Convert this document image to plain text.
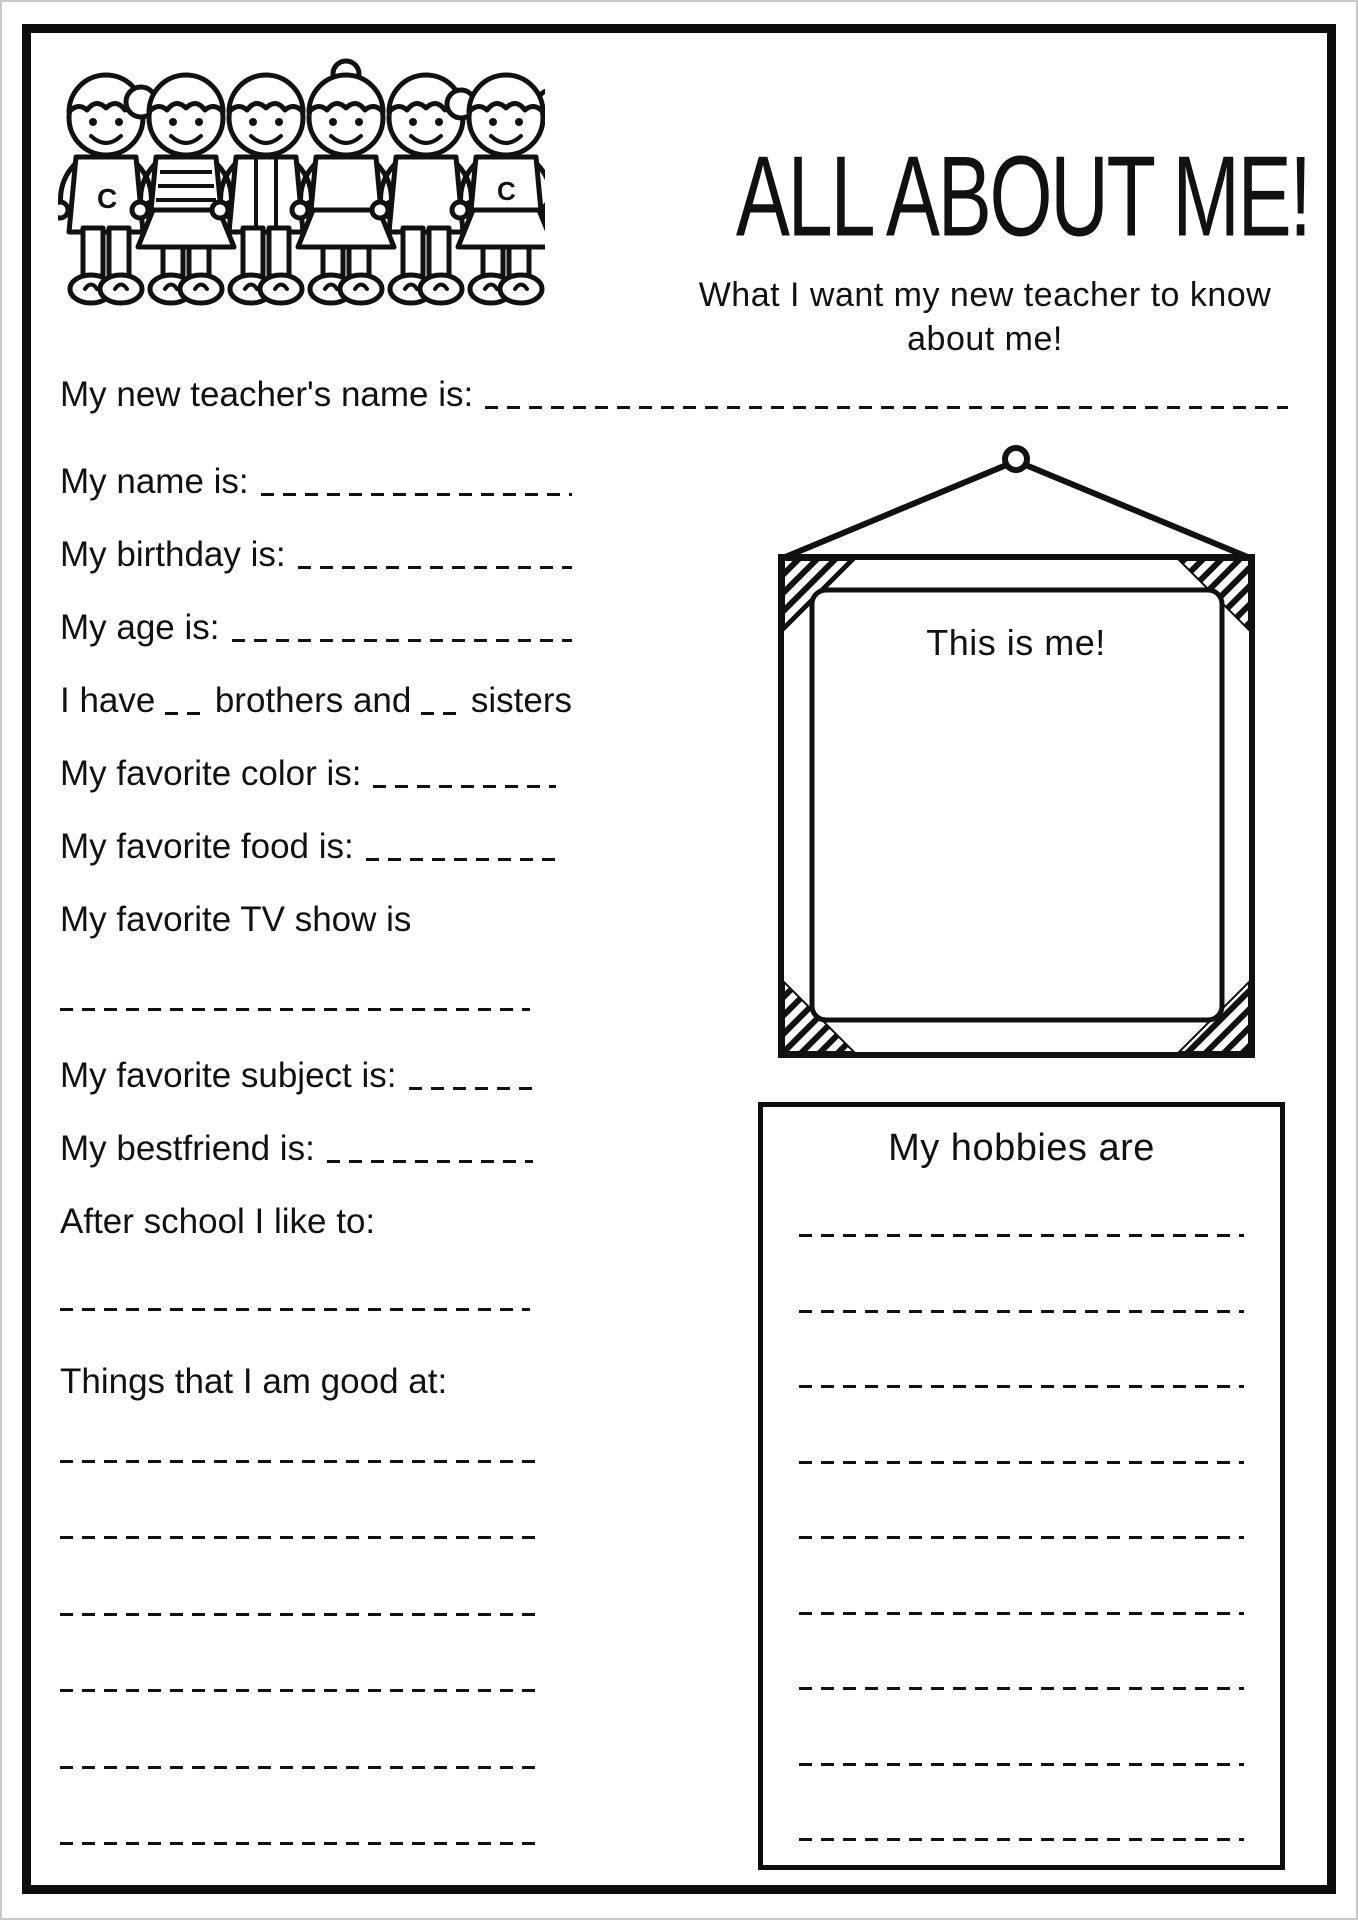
C	C	ALL ABOUT ME!
What I want my new teacher to know
about me!
My new teacher's name is:
My name is:
My birthday is:
My age is:
I have brothers and sisters
My favorite color is:
My favorite food is:
My favorite TV show is
My favorite subject is:
My bestfriend is:
After school I like to:
Things that I am good at:
This is me!
My hobbies are
